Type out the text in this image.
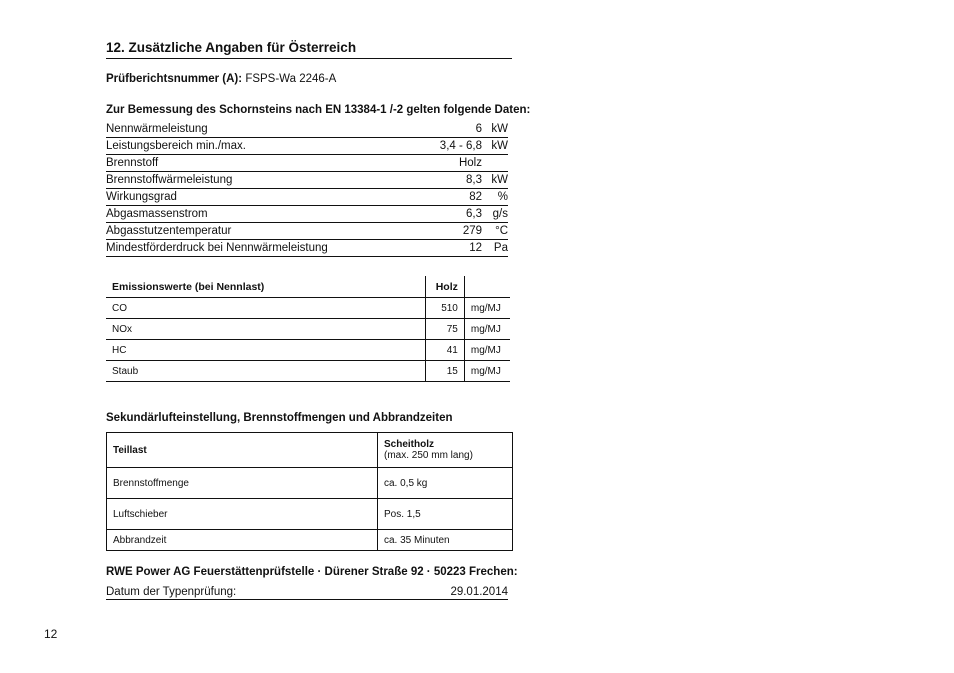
12. Zusätzliche Angaben für Österreich
Prüfberichtsnummer (A): FSPS-Wa 2246-A
Zur Bemessung des Schornsteins nach EN 13384-1 /-2 gelten folgende Daten:
Nennwärmeleistung	6 kW
Leistungsbereich min./max.	3,4 - 6,8 kW
Brennstoff	Holz
Brennstoffwärmeleistung	8,3 kW
Wirkungsgrad	82	%
Abgasmassenstrom	6,3 g/s
Abgasstutzentemperatur	279	°C
Mindestförderdruck bei Nennwärmeleistung	12	Pa
Emissionswerte (bei Nennlast)	Holz	
CO	510	mg/MJ
NOx	75	mg/MJ
HC	41	mg/MJ
Staub	15	mg/MJ
Sekundärlufteinstellung, Brennstoffmengen und Abbrandzeiten
Teillast	Scheitholz
(max. 250 mm lang)

Brennstoffmenge	ca. 0,5 kg
Luftschieber	Pos. 1,5
Abbrandzeit	ca. 35 Minuten
RWE Power AG Feuerstättenprüfstelle · Dürener Straße 92 · 50223 Frechen:
Datum der Typenprüfung:	29.01.2014
12
